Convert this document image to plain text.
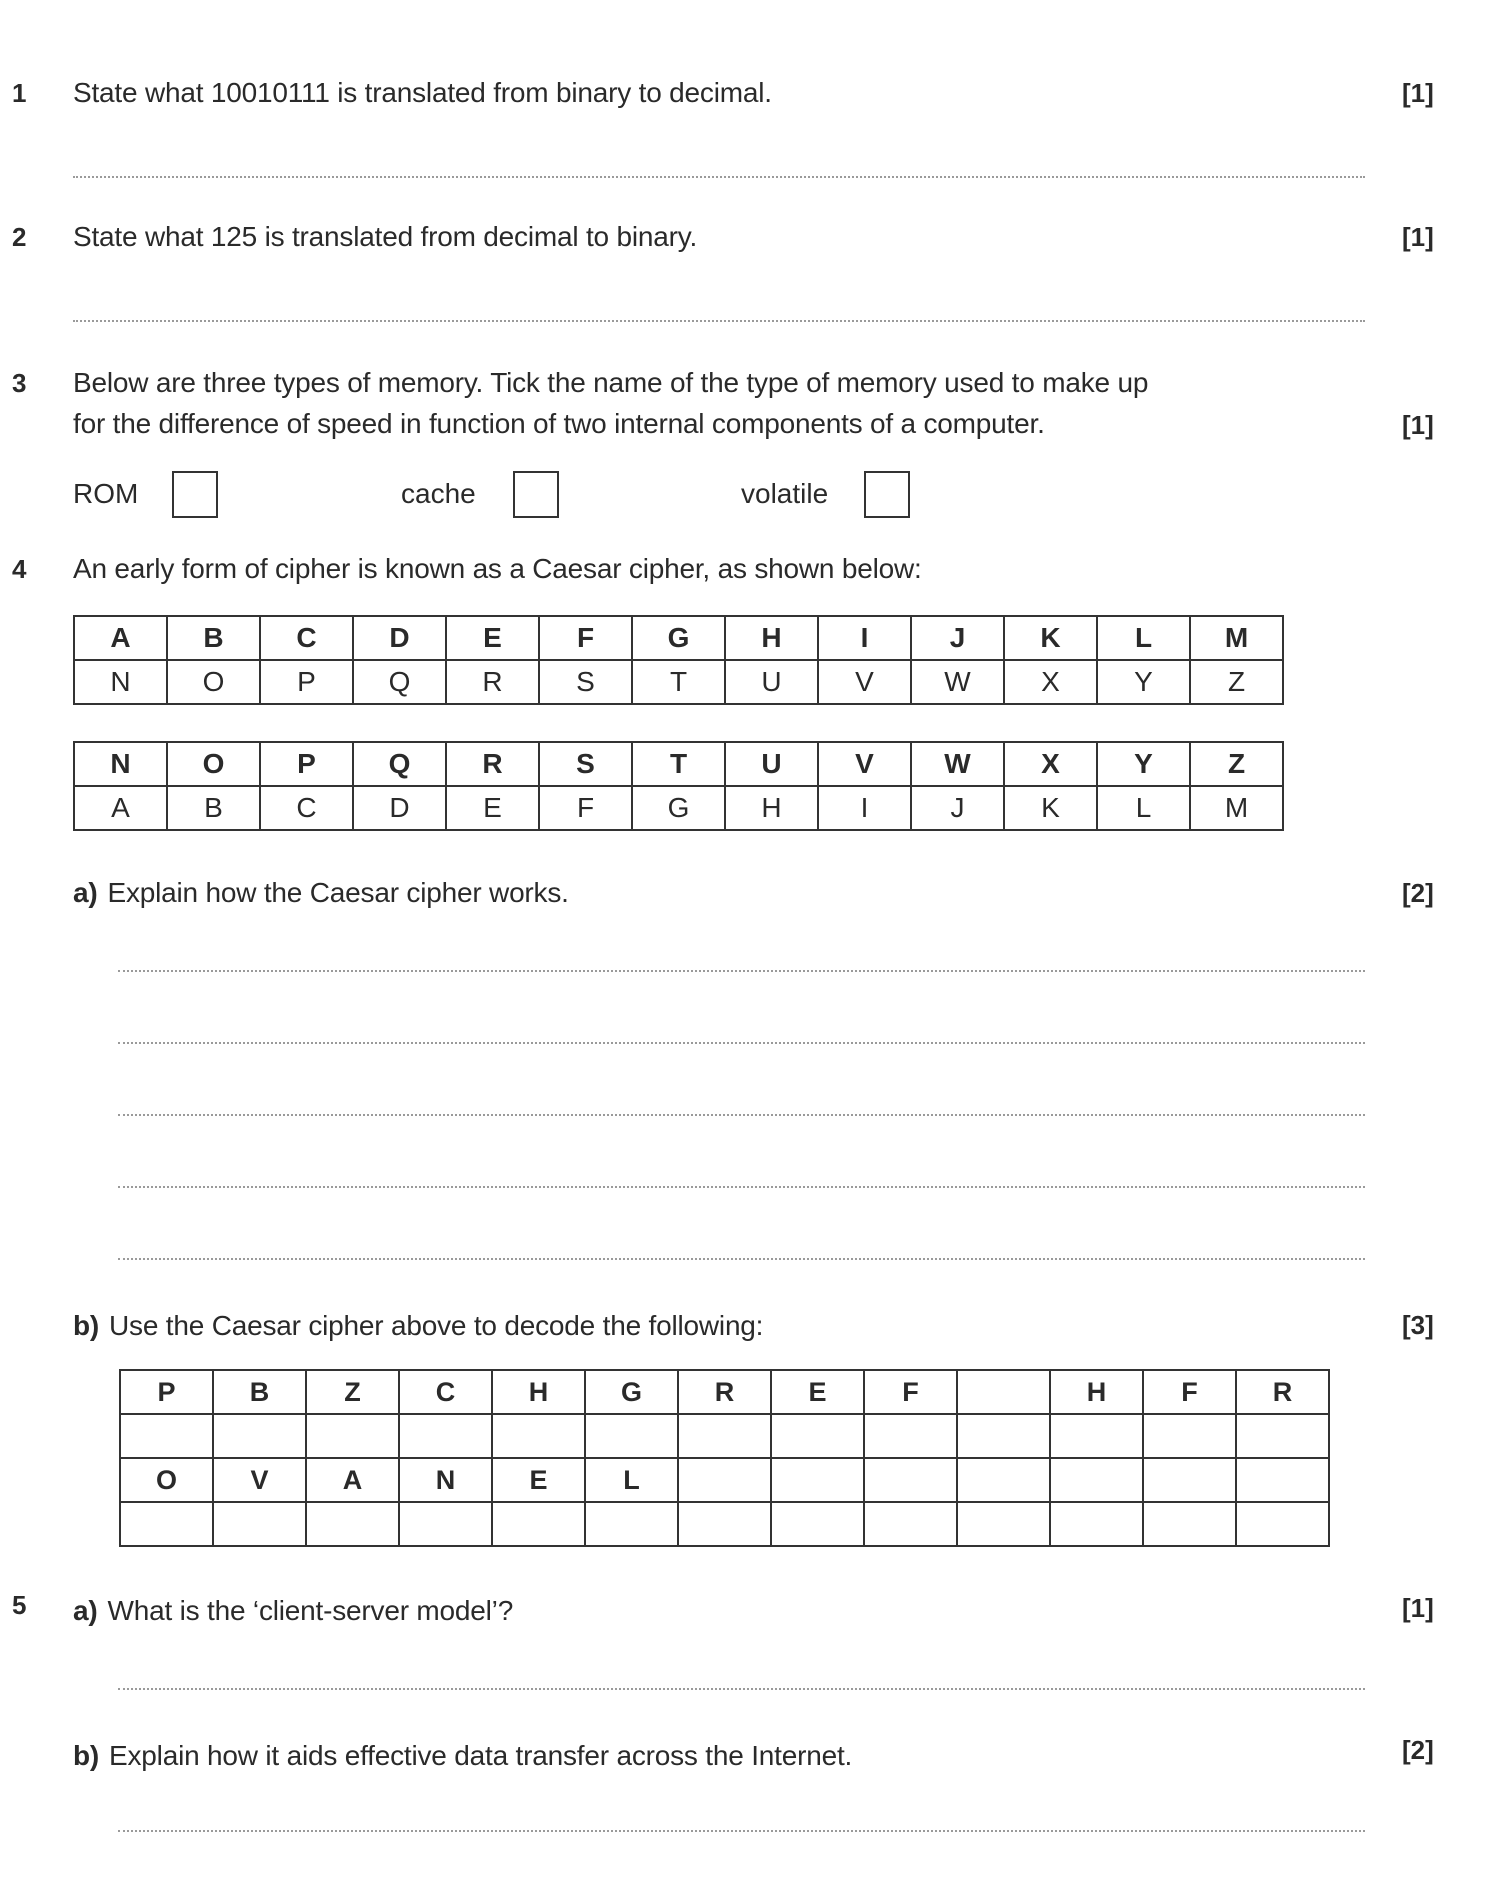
1 State what 10010111 is translated from binary to decimal.	[1]
2 State what 125 is translated from decimal to binary.	[1]
3 Below are three types of memory. Tick the name of the type of memory used to make up
for the difference of speed in function of two internal components of a computer.	[1]
ROM	cache	volatile
4 An early form of cipher is known as a Caesar cipher, as shown below:
A	B	C	D	E	F	G	H	I	J	K	L	M
N	O	P	Q	R	S	T	U	V	W	X	Y	Z
N	O	P	Q	R	S	T	U	V	W	X	Y	Z
A	B	C	D	E	F	G	H	I	J	K	L	M
a) Explain how the Caesar cipher works.	[2]
b) Use the Caesar cipher above to decode the following:	[3]
P	B	Z	C	H	G	R	E	F		H	F	R

O	V	A	N	E	L							

5 a) What is the ‘client-server model’?	[1]
b) Explain how it aids effective data transfer across the Internet.	[2]
